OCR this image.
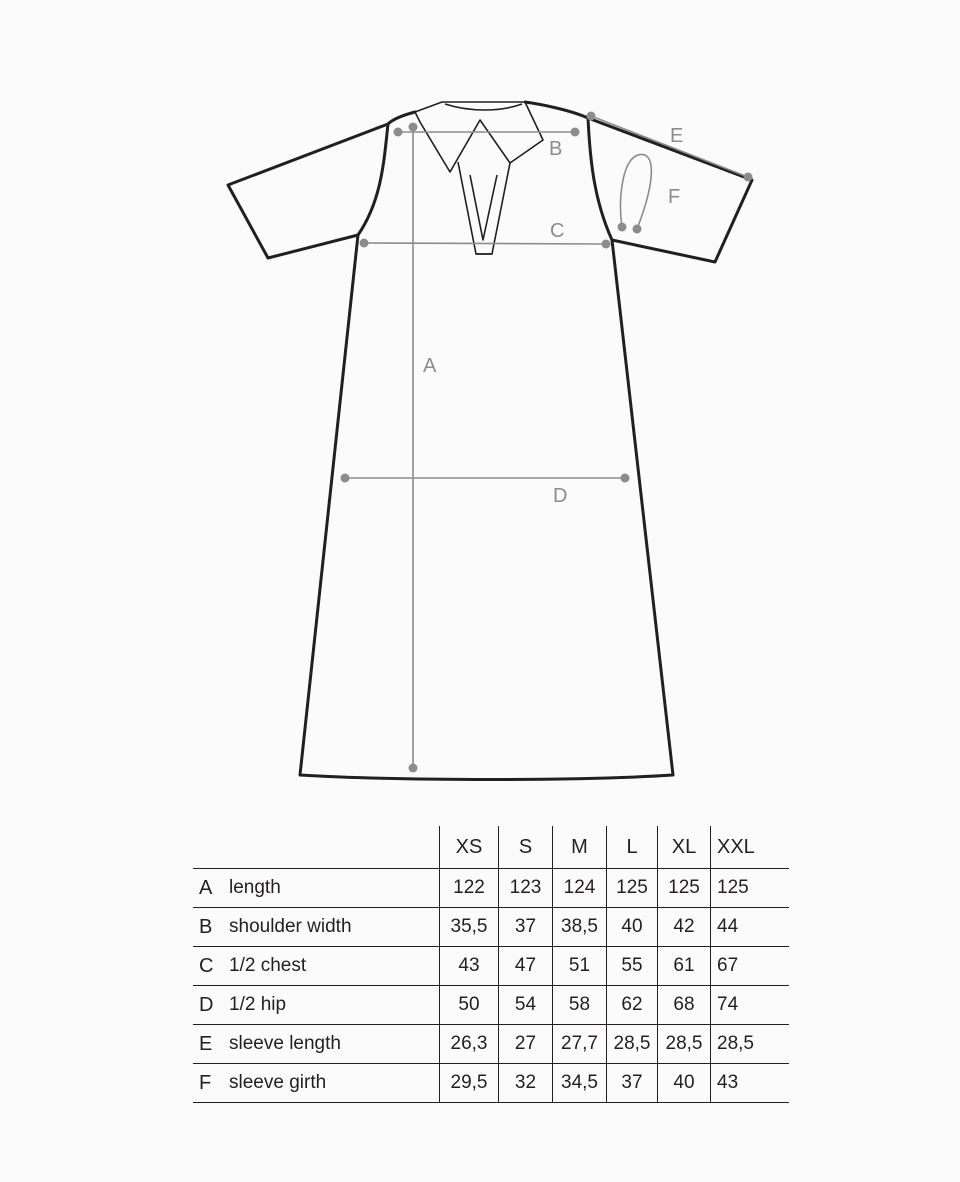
A
B
C
D
E
F
		XS	S	M	L	XL	XXL
A	length	122	123	124	125	125	125
B	shoulder width	35,5	37	38,5	40	42	44
C	1/2 chest	43	47	51	55	61	67
D	1/2 hip	50	54	58	62	68	74
E	sleeve length	26,3	27	27,7	28,5	28,5	28,5
F	sleeve girth	29,5	32	34,5	37	40	43
